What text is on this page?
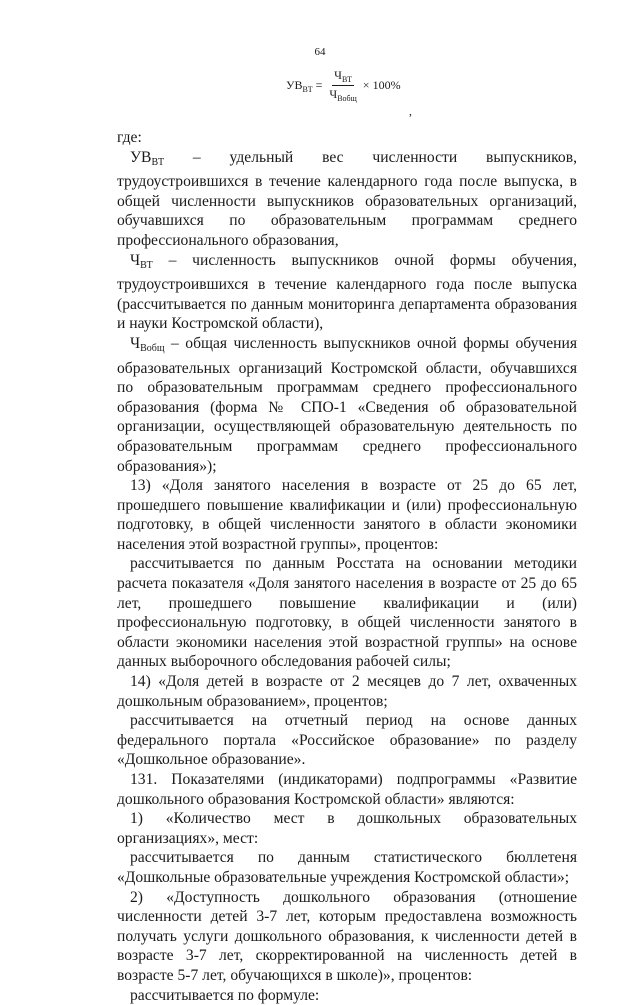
64
$УВ_{ВТ} = \frac{Ч_{ВТ}}{Ч_{Вобщ}} \times 100\%$
,

где:

$УВ_{ВТ}$ – удельный вес численности выпускников, трудоустроившихся в течение календарного года после выпуска, в общей численности выпускников образовательных организаций, обучавшихся по образовательным программам среднего профессионального образования,

$Ч_{ВТ}$ – численность выпускников очной формы обучения, трудоустроившихся в течение календарного года после выпуска (рассчитывается по данным мониторинга департамента образования и науки Костромской области),

$Ч_{Вобщ}$ – общая численность выпускников очной формы обучения образовательных организаций Костромской области, обучавшихся по образовательным программам среднего профессионального образования (форма № СПО-1 «Сведения об образовательной организации, осуществляющей образовательную деятельность по образовательным программам среднего профессионального образования»);

13) «Доля занятого населения в возрасте от 25 до 65 лет, прошедшего повышение квалификации и (или) профессиональную подготовку, в общей численности занятого в области экономики населения этой возрастной группы», процентов:

рассчитывается по данным Росстата на основании методики расчета показателя «Доля занятого населения в возрасте от 25 до 65 лет, прошедшего повышение квалификации и (или) профессиональную подготовку, в общей численности занятого в области экономики населения этой возрастной группы» на основе данных выборочного обследования рабочей силы;

14) «Доля детей в возрасте от 2 месяцев до 7 лет, охваченных дошкольным образованием», процентов;

рассчитывается на отчетный период на основе данных федерального портала «Российское образование» по разделу «Дошкольное образование».

131. Показателями (индикаторами) подпрограммы «Развитие дошкольного образования Костромской области» являются:

1) «Количество мест в дошкольных образовательных организациях», мест:

рассчитывается по данным статистического бюллетеня «Дошкольные образовательные учреждения Костромской области»;

2) «Доступность дошкольного образования (отношение численности детей 3-7 лет, которым предоставлена возможность получать услуги дошкольного образования, к численности детей в возрасте 3-7 лет, скорректированной на численность детей в возрасте 5-7 лет, обучающихся в школе)», процентов:

рассчитывается по формуле:
